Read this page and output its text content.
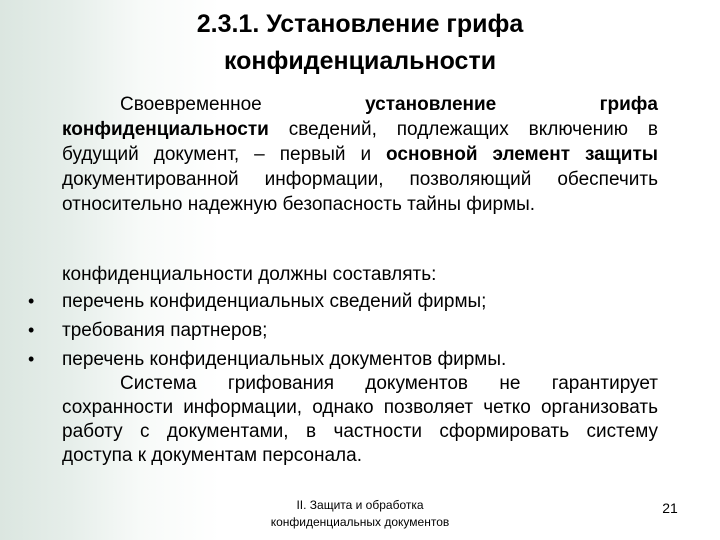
2.3.1. Установление грифа
конфиденциальности
Своевременное установление грифа конфиденциальности сведений, подлежащих включению в будущий документ, – первый и основной элемент защиты документированной информации, позволяющий обеспечить относительно надежную безопасность тайны фирмы.
конфиденциальности должны составлять:
•	перечень конфиденциальных сведений фирмы;
•	требования партнеров;
•	перечень конфиденциальных документов фирмы.
Система грифования документов не гарантирует сохранности информации, однако позволяет четко организовать работу с документами, в частности сформировать систему доступа к документам персонала.
II. Защита и обработка
конфиденциальных документов
21
